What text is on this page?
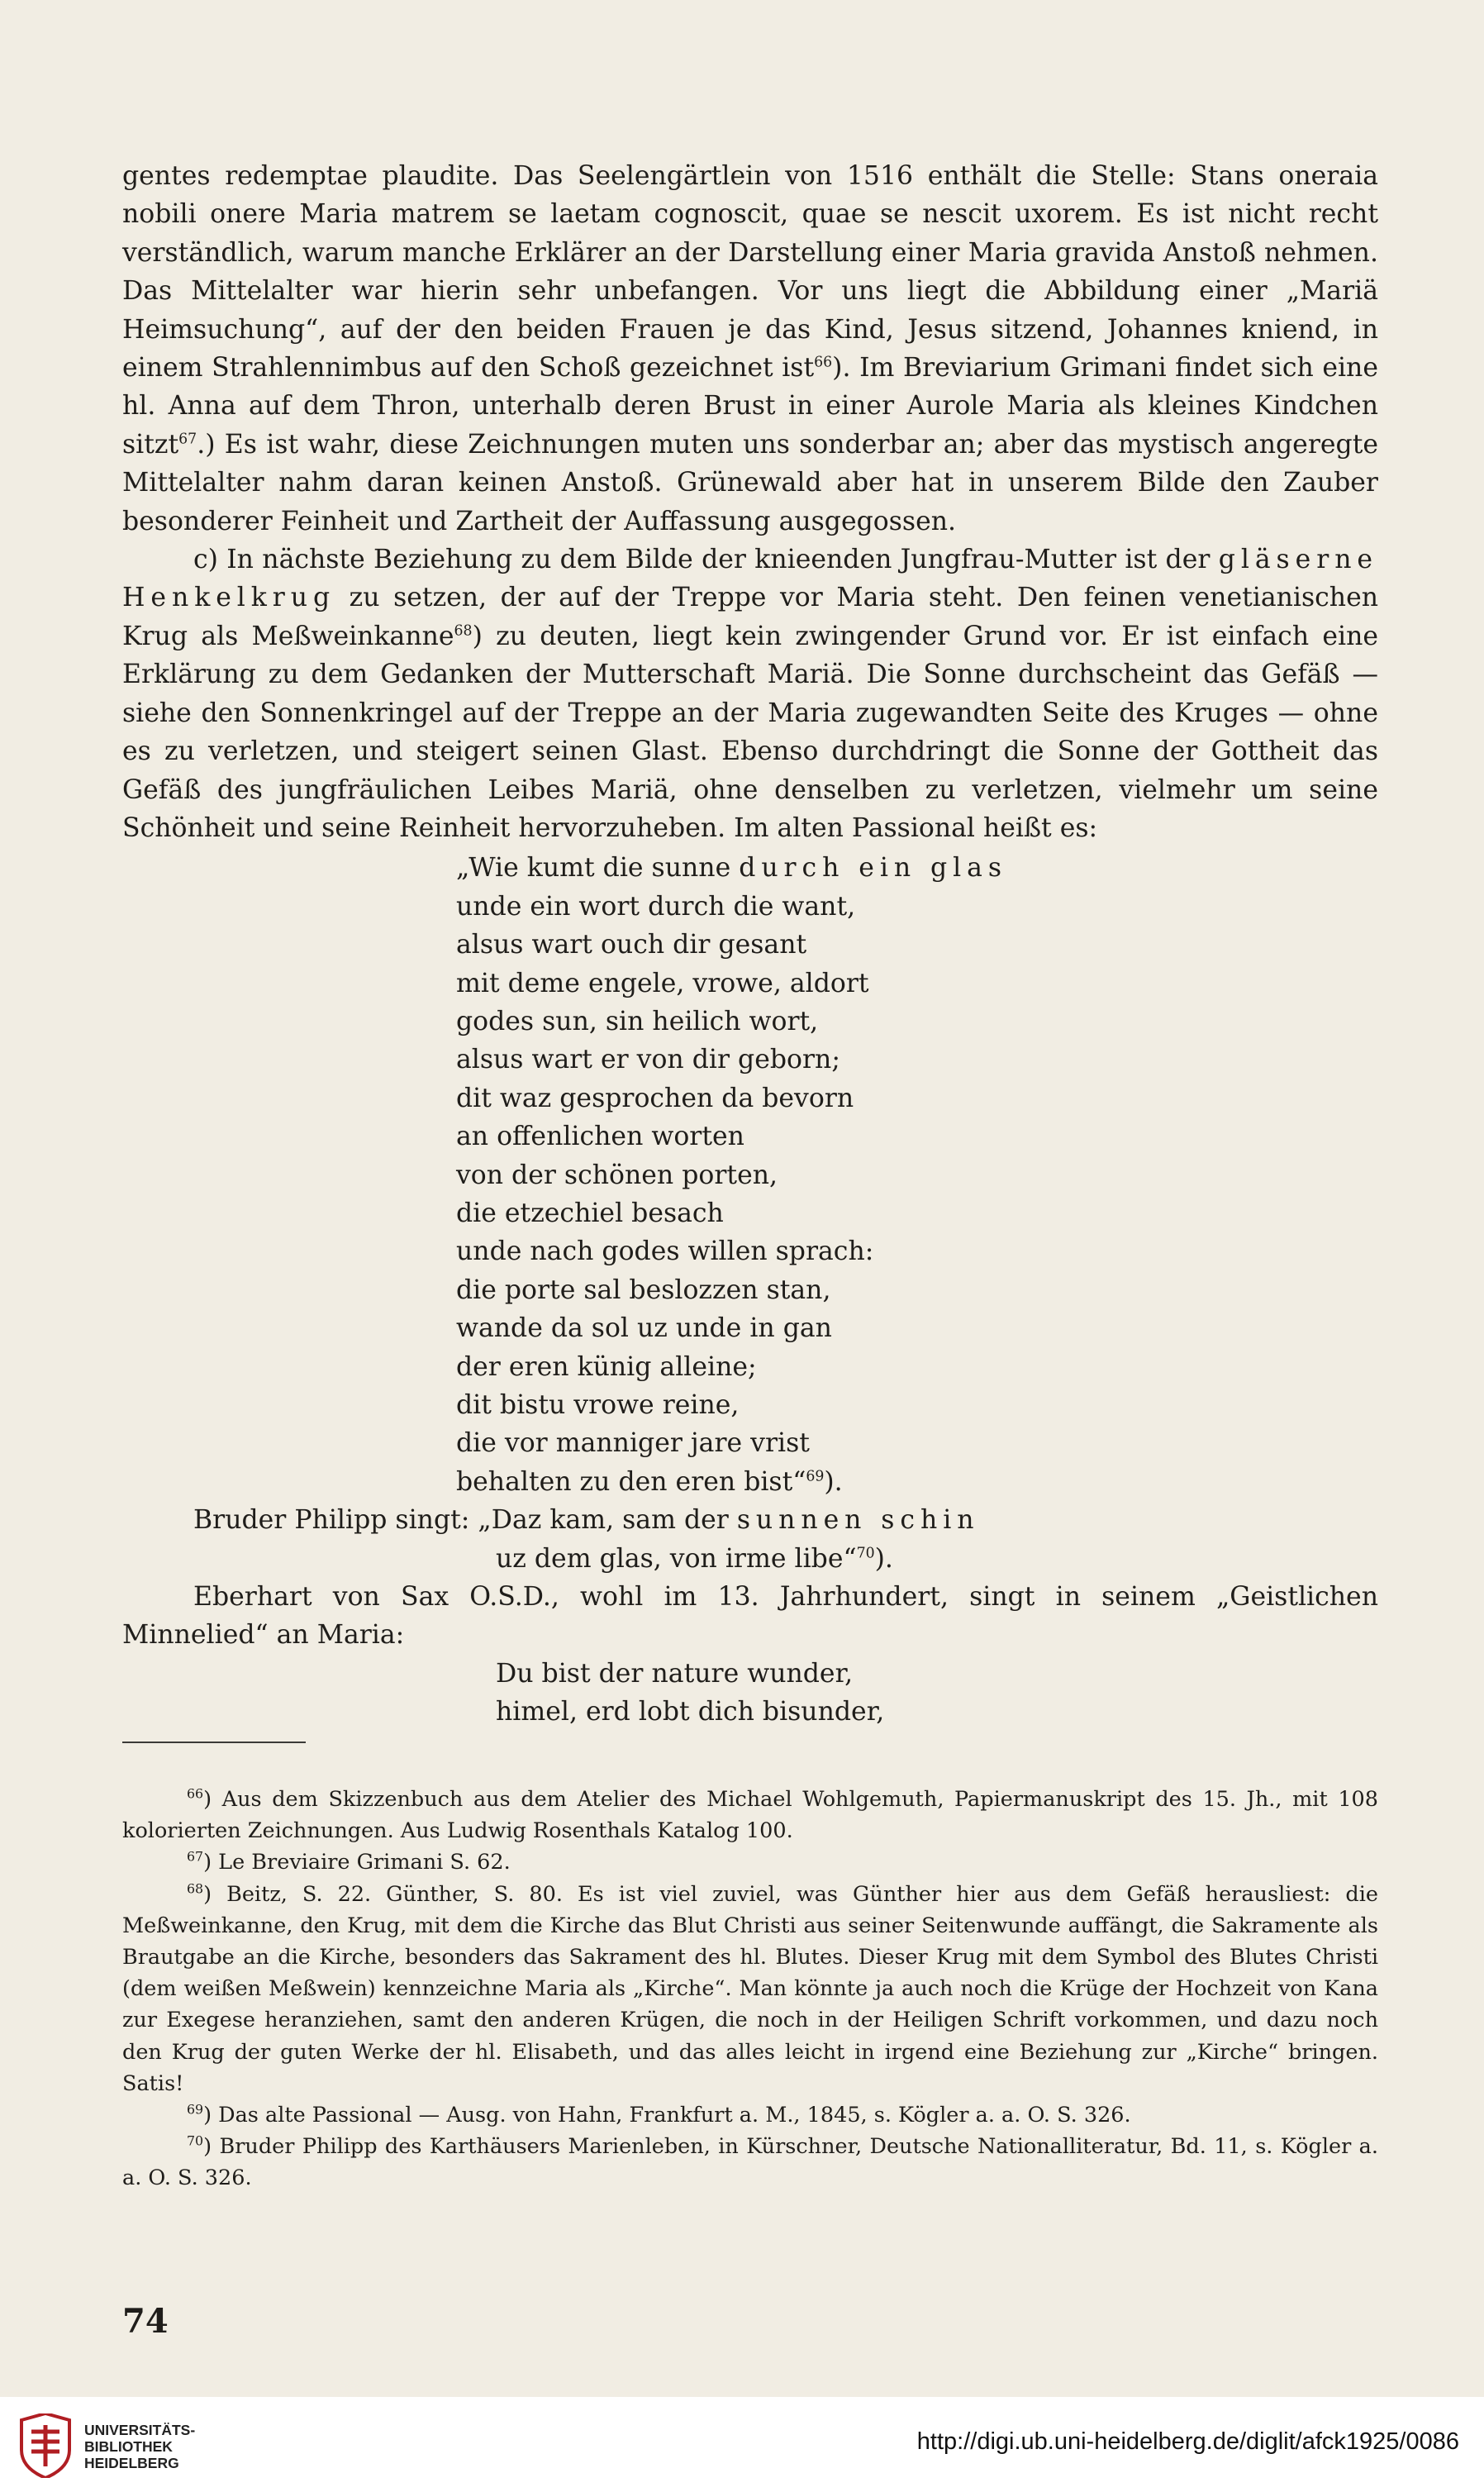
gentes redemptae plaudite. Das Seelengärtlein von 1516 enthält die Stelle: Stans oneraia nobili onere Maria matrem se laetam cognoscit, quae se nescit uxorem. Es ist nicht recht verständlich, warum manche Erklärer an der Darstellung einer Maria gravida Anstoß nehmen. Das Mittelalter war hierin sehr unbefangen. Vor uns liegt die Abbildung einer „Mariä Heimsuchung“, auf der den beiden Frauen je das Kind, Jesus sitzend, Johannes kniend, in einem Strahlennimbus auf den Schoß gezeichnet ist$^{66}$). Im Breviarium Grimani findet sich eine hl. Anna auf dem Thron, unterhalb deren Brust in einer Aurole Maria als kleines Kindchen sitzt$^{67}$.) Es ist wahr, diese Zeichnungen muten uns sonderbar an; aber das mystisch angeregte Mittelalter nahm daran keinen Anstoß. Grünewald aber hat in unserem Bilde den Zauber besonderer Feinheit und Zartheit der Auffassung ausgegossen.

c) In nächste Beziehung zu dem Bilde der knieenden Jungfrau-Mutter ist der gläserne Henkelkrug zu setzen, der auf der Treppe vor Maria steht. Den feinen venetianischen Krug als Meßweinkanne$^{68}$) zu deuten, liegt kein zwingender Grund vor. Er ist einfach eine Erklärung zu dem Gedanken der Mutterschaft Mariä. Die Sonne durchscheint das Gefäß — siehe den Sonnenkringel auf der Treppe an der Maria zugewandten Seite des Kruges — ohne es zu verletzen, und steigert seinen Glast. Ebenso durchdringt die Sonne der Gottheit das Gefäß des jungfräulichen Leibes Mariä, ohne denselben zu verletzen, vielmehr um seine Schönheit und seine Reinheit hervorzuheben. Im alten Passional heißt es:

„Wie kumt die sunne durch ein glas
unde ein wort durch die want,
alsus wart ouch dir gesant
mit deme engele, vrowe, aldort
godes sun, sin heilich wort,
alsus wart er von dir geborn;
dit waz gesprochen da bevorn
an offenlichen worten
von der schönen porten,
die etzechiel besach
unde nach godes willen sprach:
die porte sal beslozzen stan,
wande da sol uz unde in gan
der eren künig alleine;
dit bistu vrowe reine,
die vor manniger jare vrist
behalten zu den eren bist“$^{69}$).

Bruder Philipp singt: „Daz kam, sam der sunnen schin

uz dem glas, von irme libe“$^{70}$).

Eberhart von Sax O.S.D., wohl im 13. Jahrhundert, singt in seinem „Geistlichen Minnelied“ an Maria:

Du bist der nature wunder,
himel, erd lobt dich bisunder,

$^{66}$) Aus dem Skizzenbuch aus dem Atelier des Michael Wohlgemuth, Papiermanuskript des 15. Jh., mit 108 kolorierten Zeichnungen. Aus Ludwig Rosenthals Katalog 100.

$^{67}$) Le Breviaire Grimani S. 62.

$^{68}$) Beitz, S. 22. Günther, S. 80. Es ist viel zuviel, was Günther hier aus dem Gefäß herausliest: die Meßweinkanne, den Krug, mit dem die Kirche das Blut Christi aus seiner Seitenwunde auffängt, die Sakramente als Brautgabe an die Kirche, besonders das Sakrament des hl. Blutes. Dieser Krug mit dem Symbol des Blutes Christi (dem weißen Meßwein) kennzeichne Maria als „Kirche“. Man könnte ja auch noch die Krüge der Hochzeit von Kana zur Exegese heranziehen, samt den anderen Krügen, die noch in der Heiligen Schrift vorkommen, und dazu noch den Krug der guten Werke der hl. Elisabeth, und das alles leicht in irgend eine Beziehung zur „Kirche“ bringen. Satis!

$^{69}$) Das alte Passional — Ausg. von Hahn, Frankfurt a. M., 1845, s. Kögler a. a. O. S. 326.

$^{70}$) Bruder Philipp des Karthäusers Marienleben, in Kürschner, Deutsche Nationalliteratur, Bd. 11, s. Kögler a. a. O. S. 326.

74
UNIVERSITÄTS-
BIBLIOTHEK
HEIDELBERG
http://digi.ub.uni-heidelberg.de/diglit/afck1925/0086
